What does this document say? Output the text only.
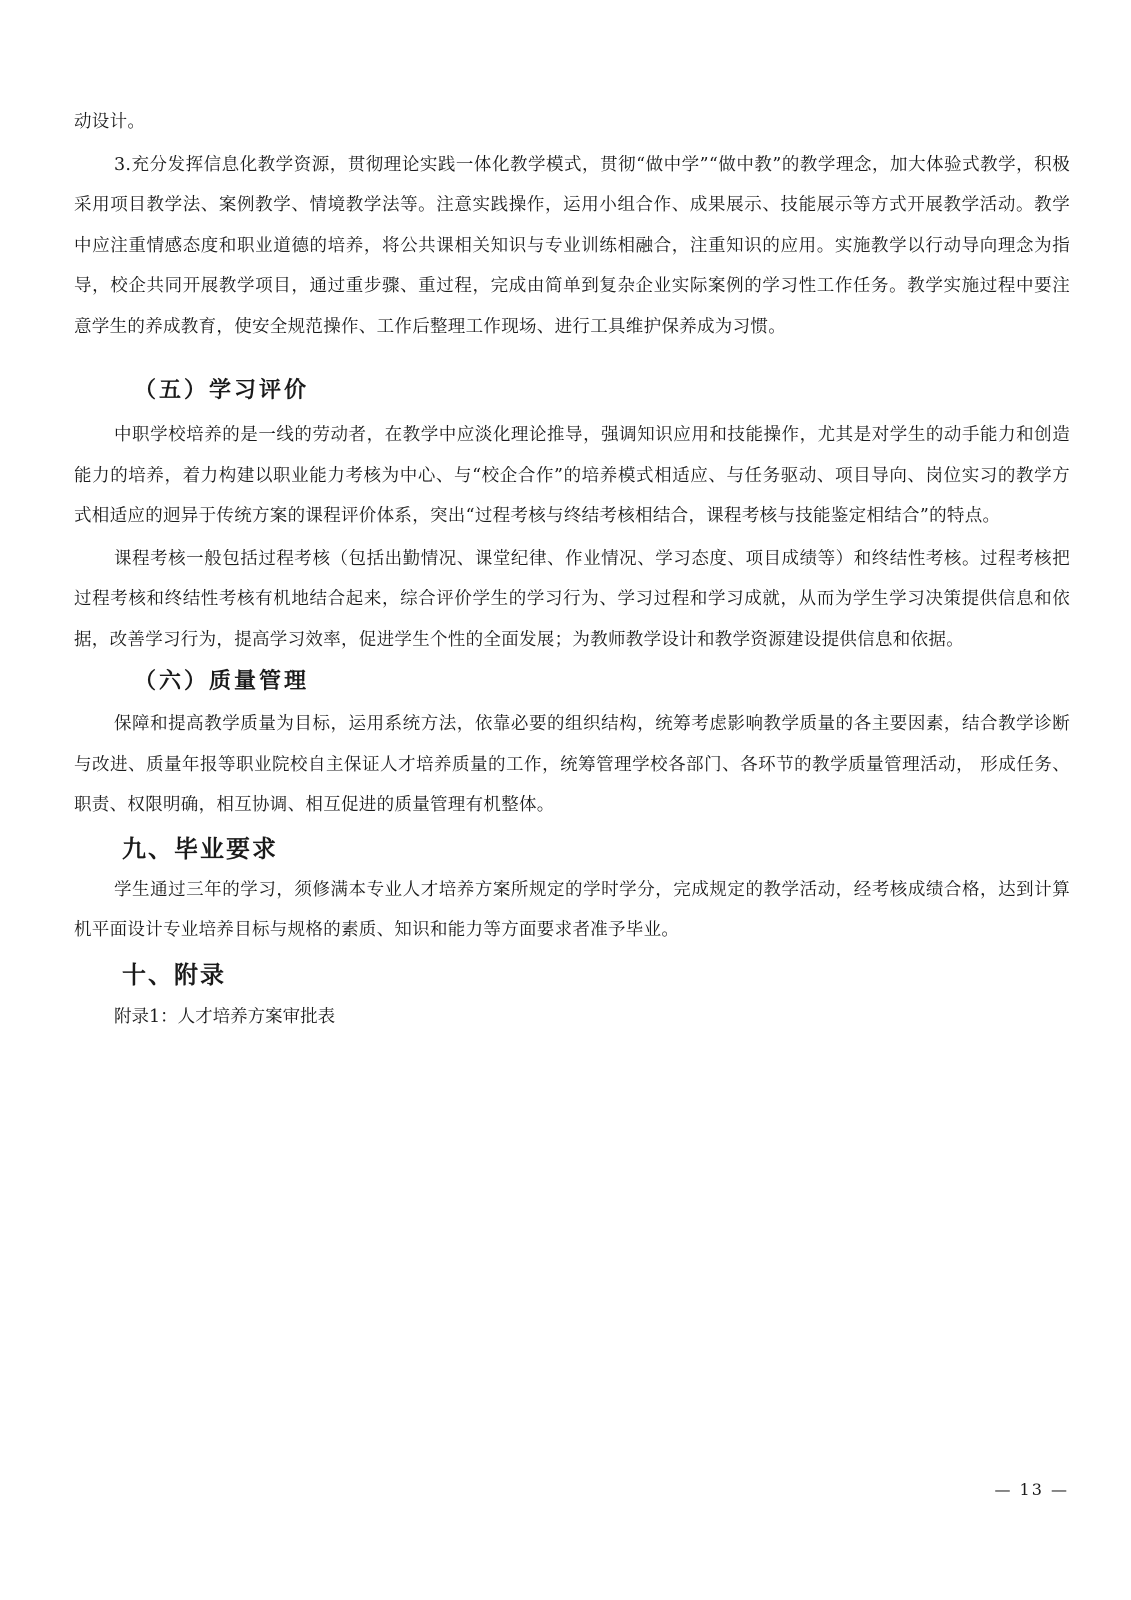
动设计。

3.充分发挥信息化教学资源，贯彻理论实践一体化教学模式，贯彻“做中学”“做中教”的教学理念，加大体验式教学，积极采用项目教学法、案例教学、情境教学法等。注意实践操作，运用小组合作、成果展示、技能展示等方式开展教学活动。教学中应注重情感态度和职业道德的培养，将公共课相关知识与专业训练相融合，注重知识的应用。实施教学以行动导向理念为指导，校企共同开展教学项目，通过重步骤、重过程，完成由简单到复杂企业实际案例的学习性工作任务。教学实施过程中要注意学生的养成教育，使安全规范操作、工作后整理工作现场、进行工具维护保养成为习惯。

（五）学习评价

中职学校培养的是一线的劳动者，在教学中应淡化理论推导，强调知识应用和技能操作，尤其是对学生的动手能力和创造能力的培养，着力构建以职业能力考核为中心、与“校企合作”的培养模式相适应、与任务驱动、项目导向、岗位实习的教学方式相适应的迥异于传统方案的课程评价体系，突出“过程考核与终结考核相结合，课程考核与技能鉴定相结合”的特点。

课程考核一般包括过程考核（包括出勤情况、课堂纪律、作业情况、学习态度、项目成绩等）和终结性考核。过程考核把过程考核和终结性考核有机地结合起来，综合评价学生的学习行为、学习过程和学习成就，从而为学生学习决策提供信息和依据，改善学习行为，提高学习效率，促进学生个性的全面发展；为教师教学设计和教学资源建设提供信息和依据。

（六）质量管理

保障和提高教学质量为目标，运用系统方法，依靠必要的组织结构，统筹考虑影响教学质量的各主要因素，结合教学诊断与改进、质量年报等职业院校自主保证人才培养质量的工作，统筹管理学校各部门、各环节的教学质量管理活动， 形成任务、职责、权限明确，相互协调、相互促进的质量管理有机整体。

九、毕业要求

学生通过三年的学习，须修满本专业人才培养方案所规定的学时学分，完成规定的教学活动，经考核成绩合格，达到计算机平面设计专业培养目标与规格的素质、知识和能力等方面要求者准予毕业。

十、附录

附录1：人才培养方案审批表

— 13 —
